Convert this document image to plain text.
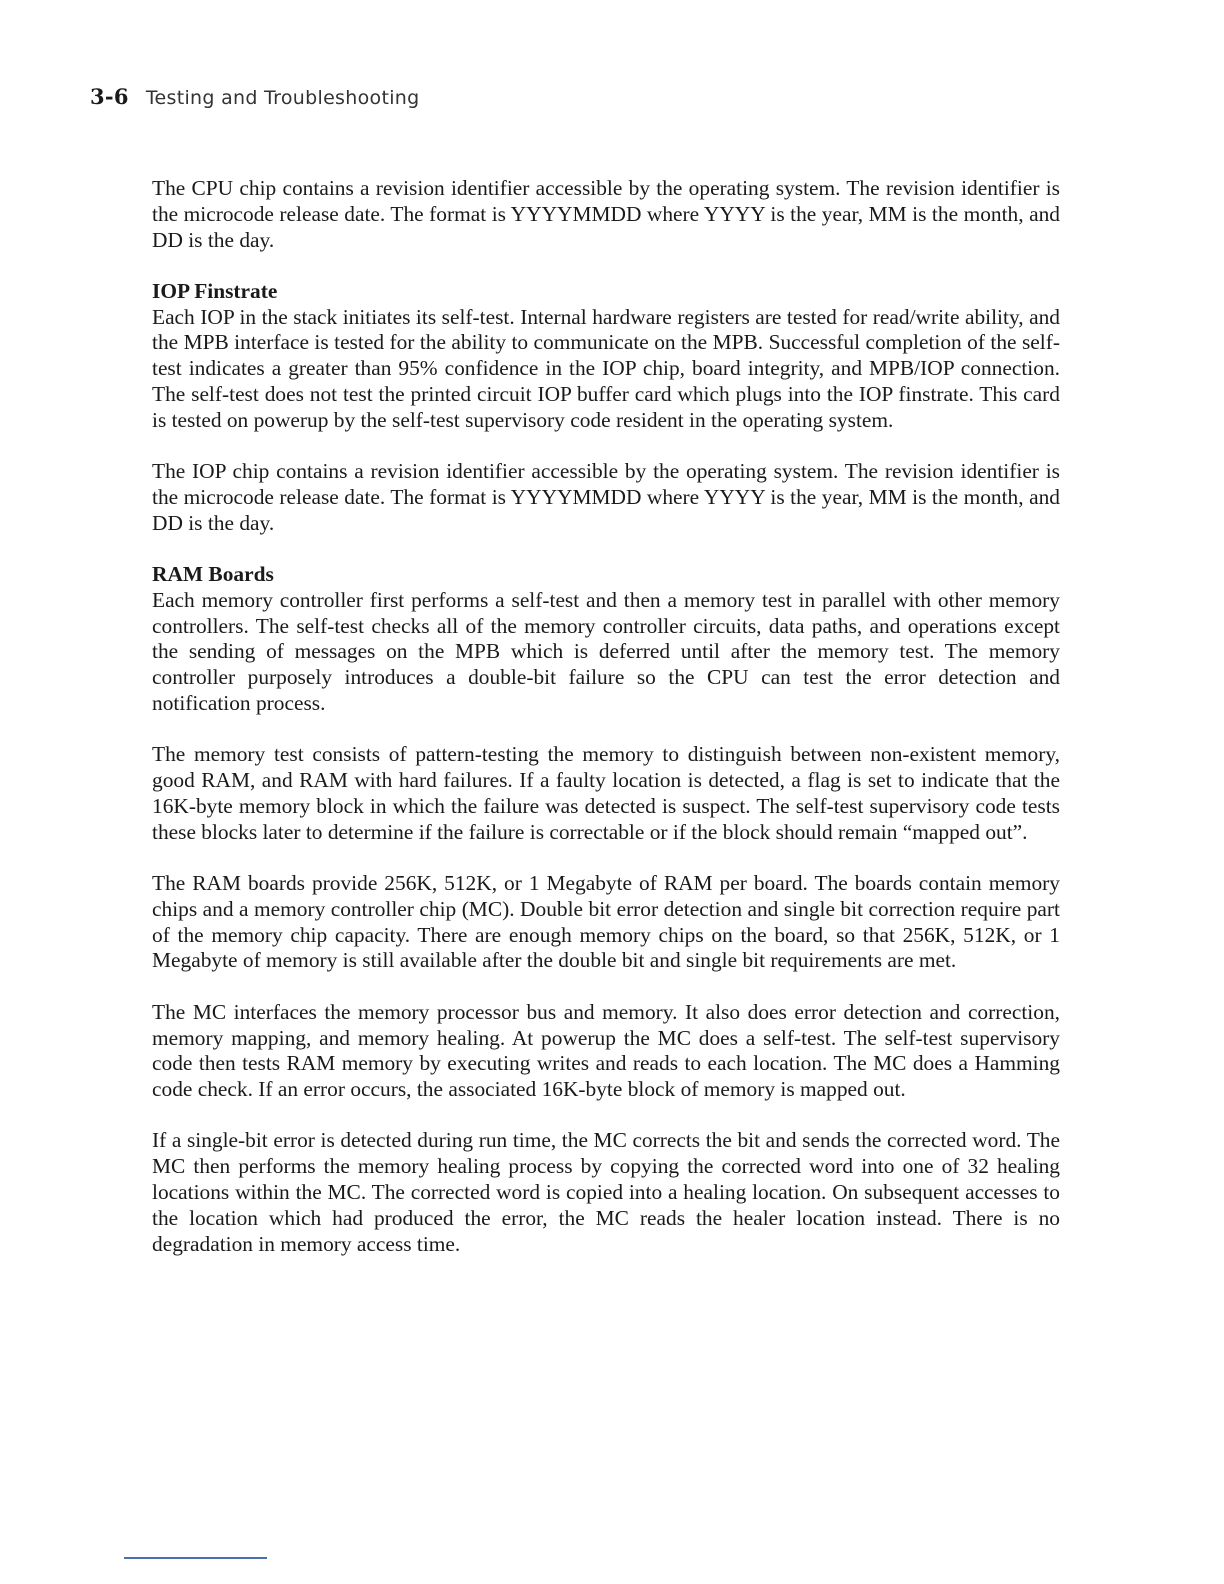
3-6 Testing and Troubleshooting

The CPU chip contains a revision identifier accessible by the operating system. The revision identifier is the microcode release date. The format is YYYYMMDD where YYYY is the year, MM is the month, and DD is the day.

IOP Finstrate

Each IOP in the stack initiates its self-test. Internal hardware registers are tested for read/write ability, and the MPB interface is tested for the ability to communicate on the MPB. Successful completion of the self-test indicates a greater than 95% confidence in the IOP chip, board integrity, and MPB/IOP connection. The self-test does not test the printed circuit IOP buffer card which plugs into the IOP finstrate. This card is tested on powerup by the self-test supervisory code resident in the operating system.

The IOP chip contains a revision identifier accessible by the operating system. The revision identifier is the microcode release date. The format is YYYYMMDD where YYYY is the year, MM is the month, and DD is the day.

RAM Boards

Each memory controller first performs a self-test and then a memory test in parallel with other memory controllers. The self-test checks all of the memory controller circuits, data paths, and operations except the sending of messages on the MPB which is deferred until after the memory test. The memory controller purposely introduces a double-bit failure so the CPU can test the error detection and notification process.

The memory test consists of pattern-testing the memory to distinguish between non-existent memory, good RAM, and RAM with hard failures. If a faulty location is detected, a flag is set to indicate that the 16K-byte memory block in which the failure was detected is suspect. The self-test supervisory code tests these blocks later to determine if the failure is correctable or if the block should remain “mapped out”.

The RAM boards provide 256K, 512K, or 1 Megabyte of RAM per board. The boards contain memory chips and a memory controller chip (MC). Double bit error detection and single bit correction require part of the memory chip capacity. There are enough memory chips on the board, so that 256K, 512K, or 1 Megabyte of memory is still available after the double bit and single bit requirements are met.

The MC interfaces the memory processor bus and memory. It also does error detection and correction, memory mapping, and memory healing. At powerup the MC does a self-test. The self-test supervisory code then tests RAM memory by executing writes and reads to each location. The MC does a Hamming code check. If an error occurs, the associated 16K-byte block of memory is mapped out.

If a single-bit error is detected during run time, the MC corrects the bit and sends the corrected word. The MC then performs the memory healing process by copying the corrected word into one of 32 healing locations within the MC. The corrected word is copied into a healing location. On subsequent accesses to the location which had produced the error, the MC reads the healer location instead. There is no degradation in memory access time.
